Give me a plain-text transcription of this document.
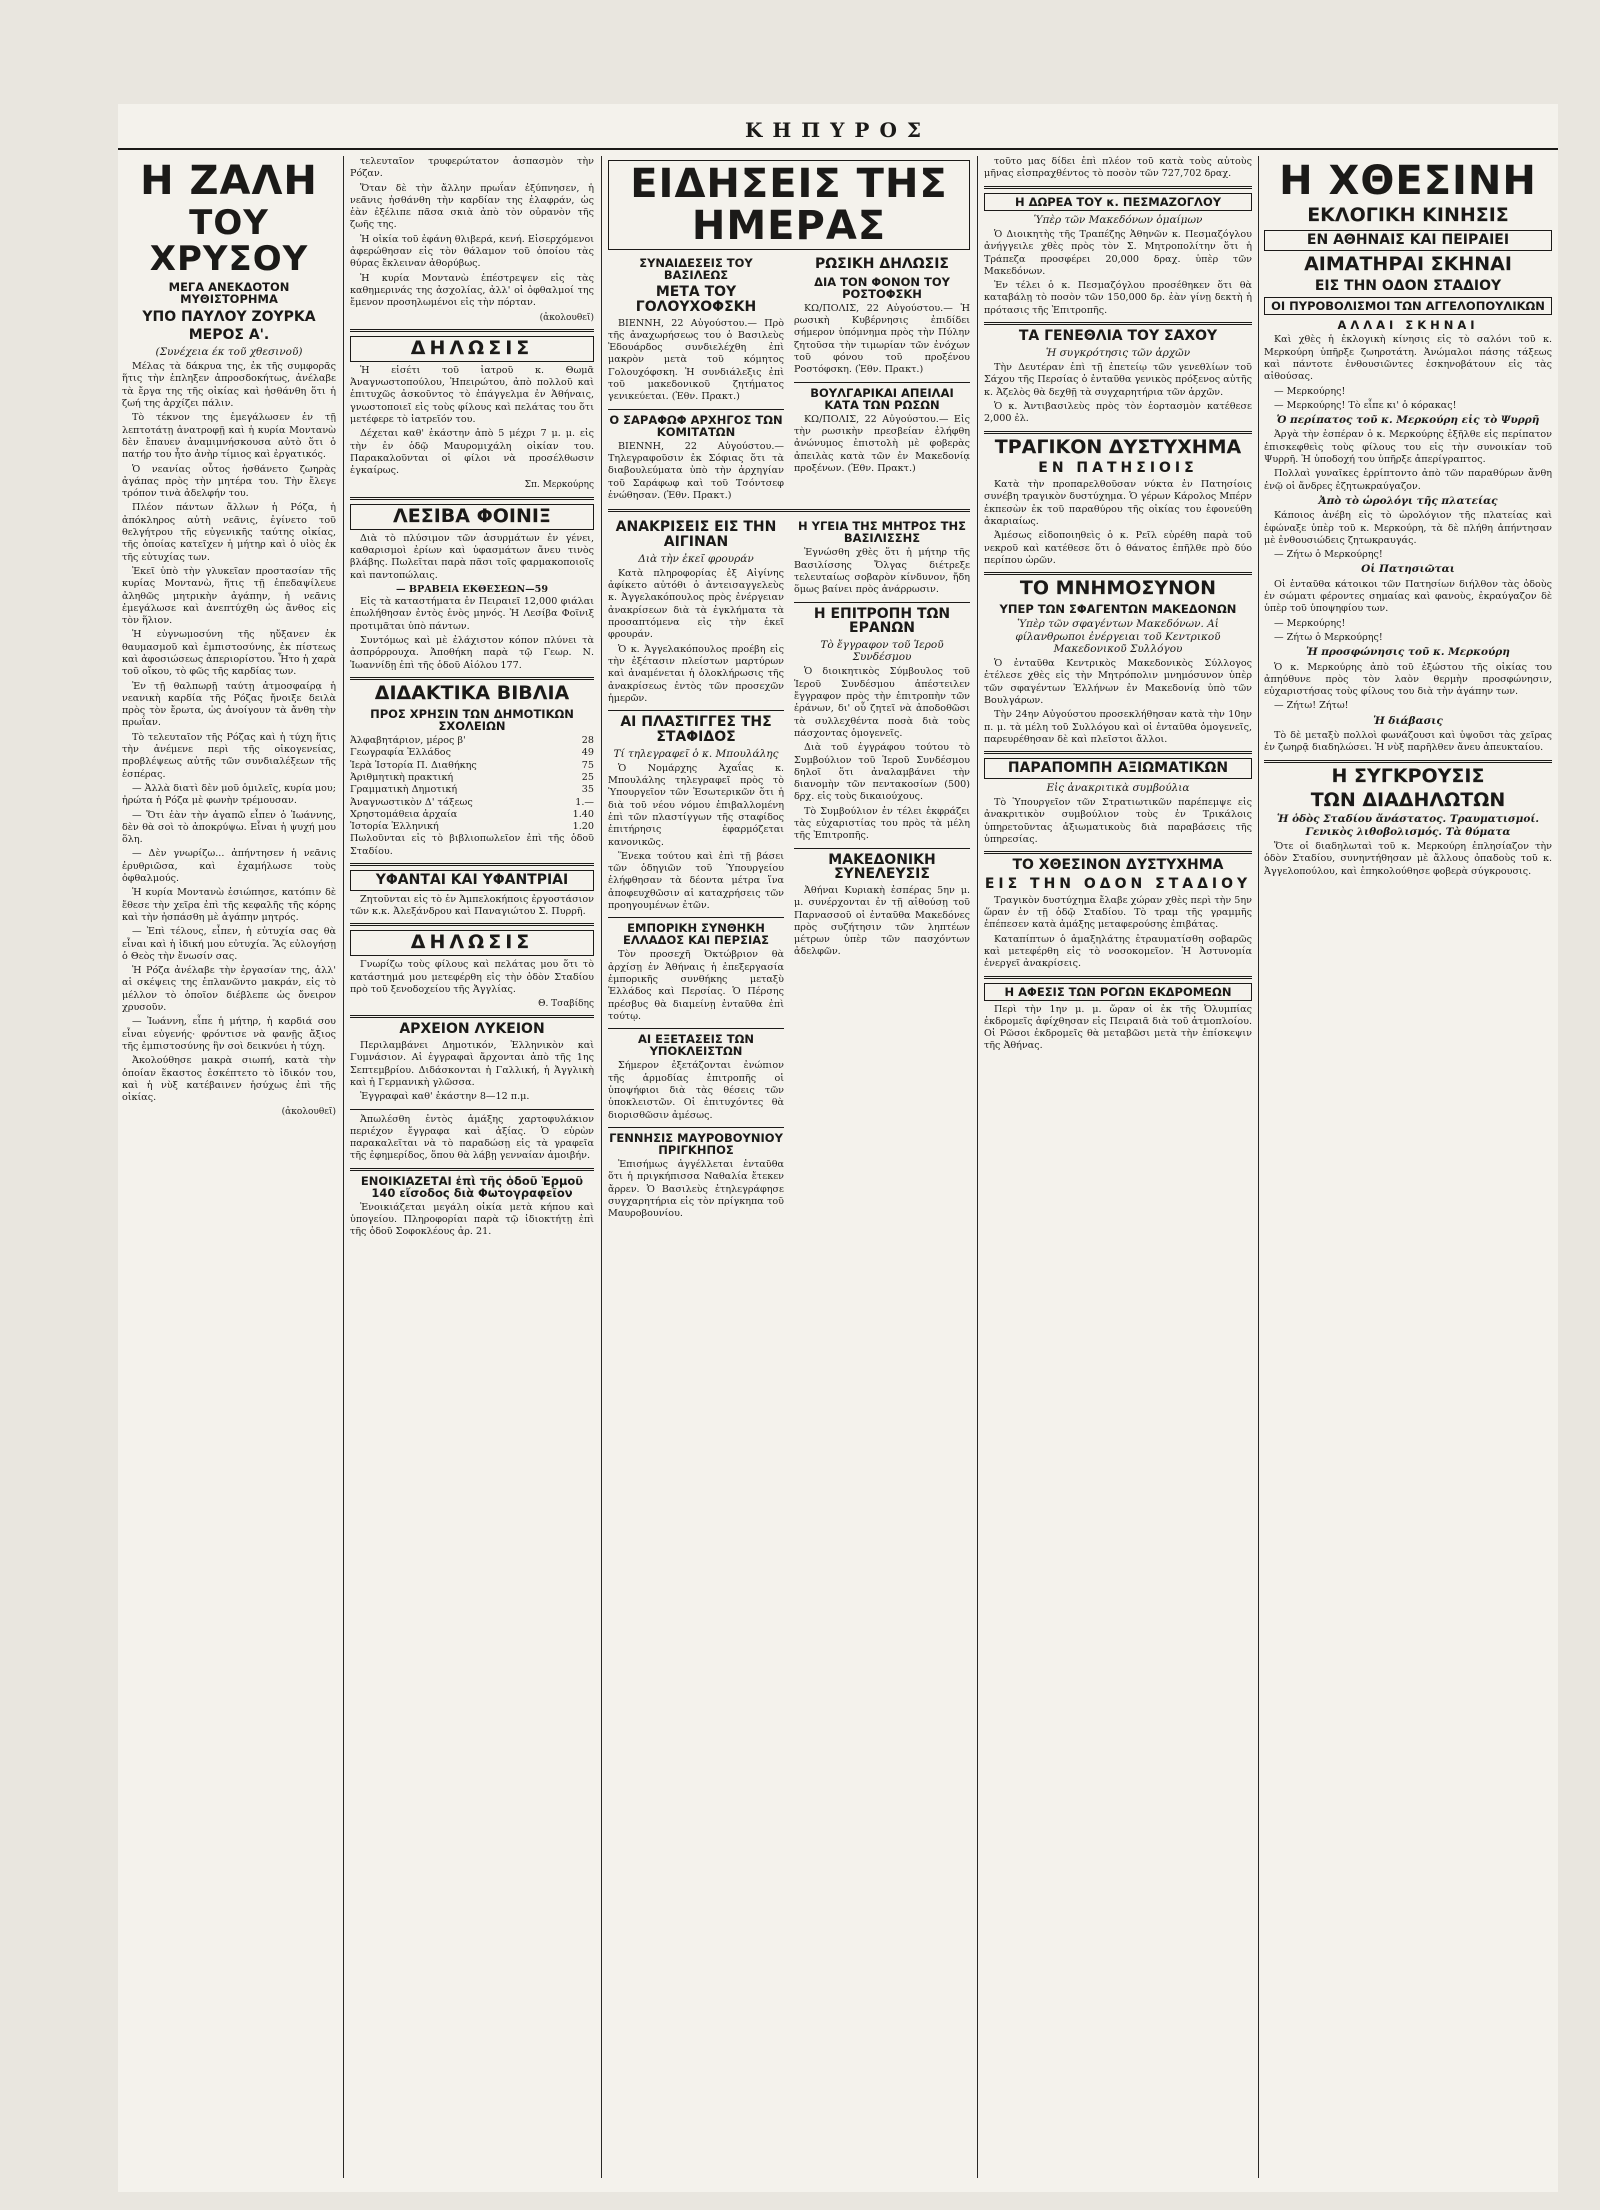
ΚΗΠΥΡΟΣ
Η ΖΑΛΗ
ΤΟΥ ΧΡΥΣΟΥ
ΜΕΓΑ ΑΝΕΚΔΟΤΟΝ ΜΥΘΙΣΤΟΡΗΜΑ
ΥΠΟ ΠΑΥΛΟΥ ΖΟΥΡΚΑ
ΜΕΡΟΣ Α'.
(Συνέχεια έκ τοῦ χθεσινοῦ)

Μέλας τὰ δάκρυα της, ἐκ τῆς συμφορᾶς ἥτις τὴν ἐπληξεν ἀπροσδοκήτως, ἀνέλαβε τὰ ἔργα της τῆς οἰκίας καὶ ἡσθάνθη ὅτι ἡ ζωή της ἀρχίζει πάλιν.

Τὸ τέκνον της ἐμεγάλωσεν ἐν τῇ λεπτοτάτῃ ἀνατροφῇ καὶ ἡ κυρία Μοντανὼ δὲν ἔπαυεν ἀναμιμνήσκουσα αὐτὸ ὅτι ὁ πατήρ του ἦτο ἀνὴρ τίμιος καὶ ἐργατικός.

Ὁ νεανίας οὗτος ἠσθάνετο ζωηρὰς ἀγάπας πρὸς τὴν μητέρα του. Τὴν ἔλεγε τρόπον τινὰ ἀδελφήν του.

Πλέον πάντων ἄλλων ἡ Ρόζα, ἡ ἀπόκληρος αὐτὴ νεᾶνις, ἐγίνετο τοῦ θελγήτρου τῆς εὐγενικῆς ταύτης οἰκίας, τῆς ὁποίας κατεῖχεν ἡ μήτηρ καὶ ὁ υἱὸς ἐκ τῆς εὐτυχίας των.

Ἐκεῖ ὑπὸ τὴν γλυκεῖαν προστασίαν τῆς κυρίας Μοντανὼ, ἥτις τῇ ἐπεδαψίλευε ἀληθῶς μητρικὴν ἀγάπην, ἡ νεᾶνις ἐμεγάλωσε καὶ ἀνεπτύχθη ὡς ἄνθος εἰς τὸν ἥλιον.

Ἡ εὐγνωμοσύνη τῆς ηὔξανεν ἐκ θαυμασμοῦ καὶ ἐμπιστοσύνης, ἐκ πίστεως καὶ ἀφοσιώσεως ἀπεριορίστου. Ἦτο ἡ χαρὰ τοῦ οἴκου, τὸ φῶς τῆς καρδίας των.

Ἐν τῇ θαλπωρῇ ταύτῃ ἀτμοσφαίρᾳ ἡ νεανικὴ καρδία τῆς Ρόζας ἤνοιξε δειλὰ πρὸς τὸν ἔρωτα, ὡς ἀνοίγουν τὰ ἄνθη τὴν πρωΐαν.

Τὸ τελευταῖον τῆς Ρόζας καὶ ἡ τύχη ἥτις τὴν ἀνέμενε περὶ τῆς οἰκογενείας, προβλέψεως αὐτῆς τῶν συνδιαλέξεων τῆς ἑσπέρας.

— Ἀλλὰ διατὶ δὲν μοῦ ὁμιλεῖς, κυρία μου; ἠρώτα ἡ Ρόζα μὲ φωνὴν τρέμουσαν.

— Ὅτι ἐὰν τὴν ἀγαπῶ εἶπεν ὁ Ἰωάννης, δὲν θὰ σοὶ τὸ ἀποκρύψω. Εἶναι ἡ ψυχή μου ὅλη.

— Δὲν γνωρίζω... ἀπήντησεν ἡ νεᾶνις ἐρυθριῶσα, καὶ ἐχαμήλωσε τοὺς ὀφθαλμούς.

Ἡ κυρία Μοντανὼ ἐσιώπησε, κατόπιν δὲ ἔθεσε τὴν χεῖρα ἐπὶ τῆς κεφαλῆς τῆς κόρης καὶ τὴν ἠσπάσθη μὲ ἀγάπην μητρός.

— Ἐπὶ τέλους, εἶπεν, ἡ εὐτυχία σας θὰ εἶναι καὶ ἡ ἰδική μου εὐτυχία. Ἂς εὐλογήσῃ ὁ Θεὸς τὴν ἕνωσίν σας.

Ἡ Ρόζα ἀνέλαβε τὴν ἐργασίαν της, ἀλλ' αἱ σκέψεις της ἐπλανῶντο μακράν, εἰς τὸ μέλλον τὸ ὁποῖον διέβλεπε ὡς ὄνειρον χρυσοῦν.

— Ἰωάννη, εἶπε ἡ μήτηρ, ἡ καρδιά σου εἶναι εὐγενής· φρόντισε νὰ φανῇς ἄξιος τῆς ἐμπιστοσύνης ἣν σοὶ δεικνύει ἡ τύχη.

Ἀκολούθησε μακρὰ σιωπή, κατὰ τὴν ὁποίαν ἕκαστος ἐσκέπτετο τὸ ἰδικόν του, καὶ ἡ νὺξ κατέβαινεν ἡσύχως ἐπὶ τῆς οἰκίας.

(ἀκολουθεῖ)

τελευταῖον τρυφερώτατον ἀσπασμὸν τὴν Ρόζαν.

Ὅταν δὲ τὴν ἄλλην πρωΐαν ἐξύπνησεν, ἡ νεᾶνις ἠσθάνθη τὴν καρδίαν της ἐλαφράν, ὡς ἐὰν ἐξέλιπε πᾶσα σκιὰ ἀπὸ τὸν οὐρανὸν τῆς ζωῆς της.

Ἡ οἰκία τοῦ ἐφάνη θλιβερά, κενή. Εἰσερχόμενοι ἀφερώθησαν εἰς τὸν θάλαμον τοῦ ὁποίου τὰς θύρας ἔκλειναν ἀθορύβως.

Ἡ κυρία Μοντανὼ ἐπέστρεψεν εἰς τὰς καθημερινάς της ἀσχολίας, ἀλλ' οἱ ὀφθαλμοί της ἔμενον προσηλωμένοι εἰς τὴν πόρταν.

(ἀκολουθεῖ)
ΔΗΛΩΣΙΣ

Ἡ εἰσέτι τοῦ ἰατροῦ κ. Θωμᾶ Ἀναγνωστοπούλου, Ἠπειρώτου, ἀπὸ πολλοῦ καὶ ἐπιτυχῶς ἀσκοῦντος τὸ ἐπάγγελμα ἐν Ἀθήναις, γνωστοποιεῖ εἰς τοὺς φίλους καὶ πελάτας του ὅτι μετέφερε τὸ ἰατρεῖόν του.

Δέχεται καθ' ἑκάστην ἀπὸ 5 μέχρι 7 μ. μ. εἰς τὴν ἐν ὁδῷ Μαυρομιχάλη οἰκίαν του. Παρακαλοῦνται οἱ φίλοι νὰ προσέλθωσιν ἐγκαίρως.

Σπ. Μερκούρης
ΛΕΣΙΒΑ ΦΟΙΝΙΞ

Διὰ τὸ πλύσιμον τῶν ἀσυρμάτων ἐν γένει, καθαρισμοὶ ἐρίων καὶ ὑφασμάτων ἄνευ τινὸς βλάβης. Πωλεῖται παρὰ πᾶσι τοῖς φαρμακοποιοῖς καὶ παντοπώλαις.

— ΒΡΑΒΕΙΑ ΕΚΘΕΣΕΩΝ—59

Εἰς τὰ καταστήματα ἐν Πειραιεῖ 12,000 φιάλαι ἐπωλήθησαν ἐντὸς ἑνὸς μηνός. Ἡ Λεσίβα Φοῖνιξ προτιμᾶται ὑπὸ πάντων.

Συντόμως καὶ μὲ ἐλάχιστον κόπον πλύνει τὰ ἀσπρόρρουχα. Ἀποθήκη παρὰ τῷ Γεωρ. Ν. Ἰωαννίδῃ ἐπὶ τῆς ὁδοῦ Αἰόλου 177.

ΔΙΔΑΚΤΙΚΑ ΒΙΒΛΙΑ
ΠΡΟΣ ΧΡΗΣΙΝ ΤΩΝ ΔΗΜΟΤΙΚΩΝ ΣΧΟΛΕΙΩΝ
Ἀλφαβητάριον, μέρος β'	28
Γεωγραφία Ἑλλάδος	49
Ἱερὰ Ἱστορία Π. Διαθήκης	75
Ἀριθμητικὴ πρακτική	25
Γραμματικὴ Δημοτική	35
Ἀναγνωστικὸν Δ' τάξεως	1.—
Χρηστομάθεια ἀρχαία	1.40
Ἱστορία Ἑλληνική	1.20
Πωλοῦνται εἰς τὸ βιβλιοπωλεῖον ἐπὶ τῆς ὁδοῦ Σταδίου.
ΥΦΑΝΤΑΙ ΚΑΙ ΥΦΑΝΤΡΙΑΙ

Ζητοῦνται εἰς τὸ ἐν Ἀμπελοκήποις ἐργοστάσιον τῶν κ.κ. Ἀλεξάνδρου καὶ Παναγιώτου Σ. Πυρρῆ.

ΔΗΛΩΣΙΣ

Γνωρίζω τοὺς φίλους καὶ πελάτας μου ὅτι τὸ κατάστημά μου μετεφέρθη εἰς τὴν ὁδὸν Σταδίου πρὸ τοῦ ξενοδοχείου τῆς Ἀγγλίας.

Θ. Τσαβίδης
ΑΡΧΕΙΟΝ ΛΥΚΕΙΟΝ

Περιλαμβάνει Δημοτικόν, Ἑλληνικὸν καὶ Γυμνάσιον. Αἱ ἐγγραφαὶ ἄρχονται ἀπὸ τῆς 1ης Σεπτεμβρίου. Διδάσκονται ἡ Γαλλική, ἡ Ἀγγλικὴ καὶ ἡ Γερμανικὴ γλῶσσα.

Ἐγγραφαὶ καθ' ἑκάστην 8—12 π.μ.

Ἀπωλέσθη ἐντὸς ἁμάξης χαρτοφυλάκιον περιέχον ἔγγραφα καὶ ἀξίας. Ὁ εὑρὼν παρακαλεῖται νὰ τὸ παραδώσῃ εἰς τὰ γραφεῖα τῆς ἐφημερίδος, ὅπου θὰ λάβῃ γενναίαν ἀμοιβήν.

ΕΝΟΙΚΙΑΖΕΤΑΙ ἐπὶ τῆς ὁδοῦ Ἑρμοῦ 140 εἴσοδος διὰ Φωτογραφεῖον

Ἐνοικιάζεται μεγάλη οἰκία μετὰ κήπου καὶ ὑπογείου. Πληροφορίαι παρὰ τῷ ἰδιοκτήτῃ ἐπὶ τῆς ὁδοῦ Σοφοκλέους ἀρ. 21.

ΕΙΔΗΣΕΙΣ ΤΗΣ ΗΜΕΡΑΣ
ΣΥΝΑΙΔΕΣΕΙΣ ΤΟΥ ΒΑΣΙΛΕΩΣ
ΜΕΤΑ ΤΟΥ ΓΟΛΟΥΧΟΦΣΚΗ

ΒΙΕΝΝΗ, 22 Αὐγούστου.— Πρὸ τῆς ἀναχωρήσεως του ὁ Βασιλεὺς Ἐδουάρδος συνδιελέχθη ἐπὶ μακρὸν μετὰ τοῦ κόμητος Γολουχόφσκη. Ἡ συνδιάλεξις ἐπὶ τοῦ μακεδονικοῦ ζητήματος γενικεύεται. (Ἐθν. Πρακτ.)

Ο ΣΑΡΑΦΩΦ ΑΡΧΗΓΟΣ ΤΩΝ ΚΟΜΙΤΑΤΩΝ

ΒΙΕΝΝΗ, 22 Αὐγούστου.— Τηλεγραφοῦσιν ἐκ Σόφιας ὅτι τὰ διαβουλεύματα ὑπὸ τὴν ἀρχηγίαν τοῦ Σαράφωφ καὶ τοῦ Τσόντσεφ ἐνώθησαν. (Ἐθν. Πρακτ.)

ΡΩΣΙΚΗ ΔΗΛΩΣΙΣ
ΔΙΑ ΤΟΝ ΦΟΝΟΝ ΤΟΥ ΡΟΣΤΟΦΣΚΗ

ΚΩ/ΠΟΛΙΣ, 22 Αὐγούστου.— Ἡ ρωσικὴ Κυβέρνησις ἐπιδίδει σήμερον ὑπόμνημα πρὸς τὴν Πύλην ζητοῦσα τὴν τιμωρίαν τῶν ἐνόχων τοῦ φόνου τοῦ προξένου Ροστόφσκη. (Ἐθν. Πρακτ.)

ΒΟΥΛΓΑΡΙΚΑΙ ΑΠΕΙΛΑΙ ΚΑΤΑ ΤΩΝ ΡΩΣΩΝ

ΚΩ/ΠΟΛΙΣ, 22 Αὐγούστου.— Εἰς τὴν ρωσικὴν πρεσβείαν ἐλήφθη ἀνώνυμος ἐπιστολὴ μὲ φοβερὰς ἀπειλὰς κατὰ τῶν ἐν Μακεδονίᾳ προξένων. (Ἐθν. Πρακτ.)

ΑΝΑΚΡΙΣΕΙΣ ΕΙΣ ΤΗΝ ΑΙΓΙΝΑΝ
Διὰ τὴν ἐκεῖ φρουράν

Κατὰ πληροφορίας ἐξ Αἰγίνης ἀφίκετο αὐτόθι ὁ ἀντεισαγγελεὺς κ. Ἀγγελακόπουλος πρὸς ἐνέργειαν ἀνακρίσεων διὰ τὰ ἐγκλήματα τὰ προσαπτόμενα εἰς τὴν ἐκεῖ φρουράν.

Ὁ κ. Ἀγγελακόπουλος προέβη εἰς τὴν ἐξέτασιν πλείστων μαρτύρων καὶ ἀναμένεται ἡ ὁλοκλήρωσις τῆς ἀνακρίσεως ἐντὸς τῶν προσεχῶν ἡμερῶν.

ΑΙ ΠΛΑΣΤΙΓΓΕΣ ΤΗΣ ΣΤΑΦΙΔΟΣ
Τί τηλεγραφεῖ ὁ κ. Μπουλάλης

Ὁ Νομάρχης Ἀχαΐας κ. Μπουλάλης τηλεγραφεῖ πρὸς τὸ Ὑπουργεῖον τῶν Ἐσωτερικῶν ὅτι ἡ διὰ τοῦ νέου νόμου ἐπιβαλλομένη ἐπὶ τῶν πλαστίγγων τῆς σταφίδος ἐπιτήρησις ἐφαρμόζεται κανονικῶς.

Ἕνεκα τούτου καὶ ἐπὶ τῇ βάσει τῶν ὁδηγιῶν τοῦ Ὑπουργείου ἐλήφθησαν τὰ δέοντα μέτρα ἵνα ἀποφευχθῶσιν αἱ καταχρήσεις τῶν προηγουμένων ἐτῶν.

ΕΜΠΟΡΙΚΗ ΣΥΝΘΗΚΗ ΕΛΛΑΔΟΣ ΚΑΙ ΠΕΡΣΙΑΣ

Τὸν προσεχῆ Ὀκτώβριον θὰ ἀρχίσῃ ἐν Ἀθήναις ἡ ἐπεξεργασία ἐμπορικῆς συνθήκης μεταξὺ Ἑλλάδος καὶ Περσίας. Ὁ Πέρσης πρέσβυς θὰ διαμείνῃ ἐνταῦθα ἐπὶ τούτῳ.

ΑΙ ΕΞΕΤΑΣΕΙΣ ΤΩΝ ΥΠΟΚΛΕΙΣΤΩΝ

Σήμερον ἐξετάζονται ἐνώπιον τῆς ἁρμοδίας ἐπιτροπῆς οἱ ὑποψήφιοι διὰ τὰς θέσεις τῶν ὑποκλειστῶν. Οἱ ἐπιτυχόντες θὰ διορισθῶσιν ἀμέσως.

ΓΕΝΝΗΣΙΣ ΜΑΥΡΟΒΟΥΝΙΟΥ ΠΡΙΓΚΗΠΟΣ

Ἐπισήμως ἀγγέλλεται ἐνταῦθα ὅτι ἡ πριγκήπισσα Ναθαλία ἔτεκεν ἄρρεν. Ὁ Βασιλεὺς ἐτηλεγράφησε συγχαρητήρια εἰς τὸν πρίγκηπα τοῦ Μαυροβουνίου.

Η ΥΓΕΙΑ ΤΗΣ ΜΗΤΡΟΣ ΤΗΣ ΒΑΣΙΛΙΣΣΗΣ

Ἐγνώσθη χθὲς ὅτι ἡ μήτηρ τῆς Βασιλίσσης Ὄλγας διέτρεξε τελευταίως σοβαρὸν κίνδυνον, ἤδη ὅμως βαίνει πρὸς ἀνάρρωσιν.

Η ΕΠΙΤΡΟΠΗ ΤΩΝ ΕΡΑΝΩΝ
Τὸ ἔγγραφον τοῦ Ἱεροῦ Συνδέσμου

Ὁ διοικητικὸς Σύμβουλος τοῦ Ἱεροῦ Συνδέσμου ἀπέστειλεν ἔγγραφον πρὸς τὴν ἐπιτροπὴν τῶν ἐράνων, δι' οὗ ζητεῖ νὰ ἀποδοθῶσι τὰ συλλεχθέντα ποσὰ διὰ τοὺς πάσχοντας ὁμογενεῖς.

Διὰ τοῦ ἐγγράφου τούτου τὸ Συμβούλιον τοῦ Ἱεροῦ Συνδέσμου δηλοῖ ὅτι ἀναλαμβάνει τὴν διανομὴν τῶν πεντακοσίων (500) δρχ. εἰς τοὺς δικαιούχους.

Τὸ Συμβούλιον ἐν τέλει ἐκφράζει τὰς εὐχαριστίας του πρὸς τὰ μέλη τῆς Ἐπιτροπῆς.

ΜΑΚΕΔΟΝΙΚΗ ΣΥΝΕΛΕΥΣΙΣ

Ἀθήναι Κυριακὴ ἐσπέρας 5ην μ. μ. συνέρχονται ἐν τῇ αἰθούσῃ τοῦ Παρνασσοῦ οἱ ἐνταῦθα Μακεδόνες πρὸς συζήτησιν τῶν ληπτέων μέτρων ὑπὲρ τῶν πασχόντων ἀδελφῶν.

τοῦτο μας δίδει ἐπὶ πλέον τοῦ κατὰ τοὺς αὐτοὺς μῆνας εἰσπραχθέντος τὸ ποσὸν τῶν 727,702 δραχ.

Η ΔΩΡΕΑ ΤΟΥ κ. ΠΕΣΜΑΖΟΓΛΟΥ
Ὑπὲρ τῶν Μακεδόνων ὁμαίμων

Ὁ Διοικητὴς τῆς Τραπέζης Ἀθηνῶν κ. Πεσμαζόγλου ἀνήγγειλε χθὲς πρὸς τὸν Σ. Μητροπολίτην ὅτι ἡ Τράπεζα προσφέρει 20,000 δραχ. ὑπὲρ τῶν Μακεδόνων.

Ἐν τέλει ὁ κ. Πεσμαζόγλου προσέθηκεν ὅτι θὰ καταβάλῃ τὸ ποσὸν τῶν 150,000 δρ. ἐὰν γίνῃ δεκτὴ ἡ πρότασις τῆς Ἐπιτροπῆς.

ΤΑ ΓΕΝΕΘΛΙΑ ΤΟΥ ΣΑΧΟΥ
Ἡ συγκρότησις τῶν ἀρχῶν

Τὴν Δευτέραν ἐπὶ τῇ ἐπετείῳ τῶν γενεθλίων τοῦ Σάχου τῆς Περσίας ὁ ἐνταῦθα γενικὸς πρόξενος αὐτῆς κ. Ἀζελὸς θὰ δεχθῇ τὰ συγχαρητήρια τῶν ἀρχῶν.

Ὁ κ. Ἀντιβασιλεὺς πρὸς τὸν ἑορτασμὸν κατέθεσε 2,000 ἐλ.

ΤΡΑΓΙΚΟΝ ΔΥΣΤΥΧΗΜΑ
ΕΝ ΠΑΤΗΣΙΟΙΣ

Κατὰ τὴν προπαρελθοῦσαν νύκτα ἐν Πατησίοις συνέβη τραγικὸν δυστύχημα. Ὁ γέρων Κάρολος Μπέρν ἐκπεσὼν ἐκ τοῦ παραθύρου τῆς οἰκίας του ἐφονεύθη ἀκαριαίως.

Ἀμέσως εἰδοποιηθεὶς ὁ κ. Ρεῖλ εὑρέθη παρὰ τοῦ νεκροῦ καὶ κατέθεσε ὅτι ὁ θάνατος ἐπῆλθε πρὸ δύο περίπου ὡρῶν.

ΤΟ ΜΝΗΜΟΣΥΝΟΝ
ΥΠΕΡ ΤΩΝ ΣΦΑΓΕΝΤΩΝ ΜΑΚΕΔΟΝΩΝ
Ὑπὲρ τῶν σφαγέντων Μακεδόνων. Αἱ φίλανθρωποι ἐνέργειαι τοῦ Κεντρικοῦ Μακεδονικοῦ Συλλόγου

Ὁ ἐνταῦθα Κεντρικὸς Μακεδονικὸς Σύλλογος ἐτέλεσε χθὲς εἰς τὴν Μητρόπολιν μνημόσυνον ὑπὲρ τῶν σφαγέντων Ἑλλήνων ἐν Μακεδονίᾳ ὑπὸ τῶν Βουλγάρων.

Τὴν 24ην Αὐγούστου προσεκλήθησαν κατὰ τὴν 10ην π. μ. τὰ μέλη τοῦ Συλλόγου καὶ οἱ ἐνταῦθα ὁμογενεῖς, παρευρέθησαν δὲ καὶ πλεῖστοι ἄλλοι.

ΠΑΡΑΠΟΜΠΗ ΑΞΙΩΜΑΤΙΚΩΝ
Εἰς ἀνακριτικὰ συμβούλια

Τὸ Ὑπουργεῖον τῶν Στρατιωτικῶν παρέπεμψε εἰς ἀνακριτικὸν συμβούλιον τοὺς ἐν Τρικάλοις ὑπηρετοῦντας ἀξιωματικοὺς διὰ παραβάσεις τῆς ὑπηρεσίας.

ΤΟ ΧΘΕΣΙΝΟΝ ΔΥΣΤΥΧΗΜΑ
ΕΙΣ ΤΗΝ ΟΔΟΝ ΣΤΑΔΙΟΥ

Τραγικὸν δυστύχημα ἔλαβε χώραν χθὲς περὶ τὴν 5ην ὥραν ἐν τῇ ὁδῷ Σταδίου. Τὸ τραμ τῆς γραμμῆς ἐπέπεσεν κατὰ ἁμάξης μεταφερούσης ἐπιβάτας.

Καταπίπτων ὁ ἁμαξηλάτης ἐτραυματίσθη σοβαρῶς καὶ μετεφέρθη εἰς τὸ νοσοκομεῖον. Ἡ Ἀστυνομία ἐνεργεῖ ἀνακρίσεις.

Η ΑΦΕΣΙΣ ΤΩΝ ΡΟΓΩΝ ΕΚΔΡΟΜΕΩΝ

Περὶ τὴν 1ην μ. μ. ὥραν οἱ ἐκ τῆς Ὀλυμπίας ἐκδρομεῖς ἀφίχθησαν εἰς Πειραιᾶ διὰ τοῦ ἀτμοπλοίου. Οἱ Ρῶσοι ἐκδρομεῖς θὰ μεταβῶσι μετὰ τὴν ἐπίσκεψιν τῆς Ἀθήνας.

Η ΧΘΕΣΙΝΗ
ΕΚΛΟΓΙΚΗ ΚΙΝΗΣΙΣ
ΕΝ ΑΘΗΝΑΙΣ ΚΑΙ ΠΕΙΡΑΙΕΙ
ΑΙΜΑΤΗΡΑΙ ΣΚΗΝΑΙ
ΕΙΣ ΤΗΝ ΟΔΟΝ ΣΤΑΔΙΟΥ
ΟΙ ΠΥΡΟΒΟΛΙΣΜΟΙ ΤΩΝ ΑΓΓΕΛΟΠΟΥΛΙΚΩΝ
ΑΛΛΑΙ ΣΚΗΝΑΙ

Καὶ χθὲς ἡ ἐκλογικὴ κίνησις εἰς τὸ σαλόνι τοῦ κ. Μερκούρη ὑπῆρξε ζωηροτάτη. Ἀνώμαλοι πάσης τάξεως καὶ πάντοτε ἐνθουσιῶντες ἐσκηνοβάτουν εἰς τὰς αἰθούσας.

— Μερκούρης!

— Μερκούρης! Τὸ εἶπε κι' ὁ κόρακας!

Ὁ περίπατος τοῦ κ. Μερκούρη εἰς τὸ Ψυρρῆ

Ἀργὰ τὴν ἑσπέραν ὁ κ. Μερκούρης ἐξῆλθε εἰς περίπατον ἐπισκεφθεὶς τοὺς φίλους του εἰς τὴν συνοικίαν τοῦ Ψυρρῆ. Ἡ ὑποδοχή του ὑπῆρξε ἀπερίγραπτος.

Πολλαὶ γυναῖκες ἐρρίπτοντο ἀπὸ τῶν παραθύρων ἄνθη ἐνῷ οἱ ἄνδρες ἐζητωκραύγαζον.

Ἀπὸ τὸ ὡρολόγι τῆς πλατείας

Κάποιος ἀνέβη εἰς τὸ ὡρολόγιον τῆς πλατείας καὶ ἐφώναξε ὑπὲρ τοῦ κ. Μερκούρη, τὰ δὲ πλήθη ἀπήντησαν μὲ ἐνθουσιώδεις ζητωκραυγάς.

— Ζήτω ὁ Μερκούρης!

Οἱ Πατησιῶται

Οἱ ἐνταῦθα κάτοικοι τῶν Πατησίων διήλθον τὰς ὁδοὺς ἐν σώματι φέροντες σημαίας καὶ φανοὺς, ἐκραύγαζον δὲ ὑπὲρ τοῦ ὑποψηφίου των.

— Μερκούρης!

— Ζήτω ὁ Μερκούρης!

Ἡ προσφώνησις τοῦ κ. Μερκούρη

Ὁ κ. Μερκούρης ἀπὸ τοῦ ἐξώστου τῆς οἰκίας του ἀπηύθυνε πρὸς τὸν λαὸν θερμὴν προσφώνησιν, εὐχαριστήσας τοὺς φίλους του διὰ τὴν ἀγάπην των.

— Ζήτω! Ζήτω!

Ἡ διάβασις

Τὸ δὲ μεταξὺ πολλοὶ φωνάζουσι καὶ ὑψοῦσι τὰς χεῖρας ἐν ζωηρᾷ διαδηλώσει. Ἡ νὺξ παρῆλθεν ἄνευ ἀπευκταίου.

Η ΣΥΓΚΡΟΥΣΙΣ
ΤΩΝ ΔΙΑΔΗΛΩΤΩΝ
Ἡ ὁδὸς Σταδίου ἄνάστατος. Τραυματισμοί. Γενικὸς λιθοβολισμός. Τὰ θύματα

Ὅτε οἱ διαδηλωταὶ τοῦ κ. Μερκούρη ἐπλησίαζον τὴν ὁδὸν Σταδίου, συνηντήθησαν μὲ ἄλλους ὀπαδοὺς τοῦ κ. Ἀγγελοπούλου, καὶ ἐπηκολούθησε φοβερὰ σύγκρουσις.
